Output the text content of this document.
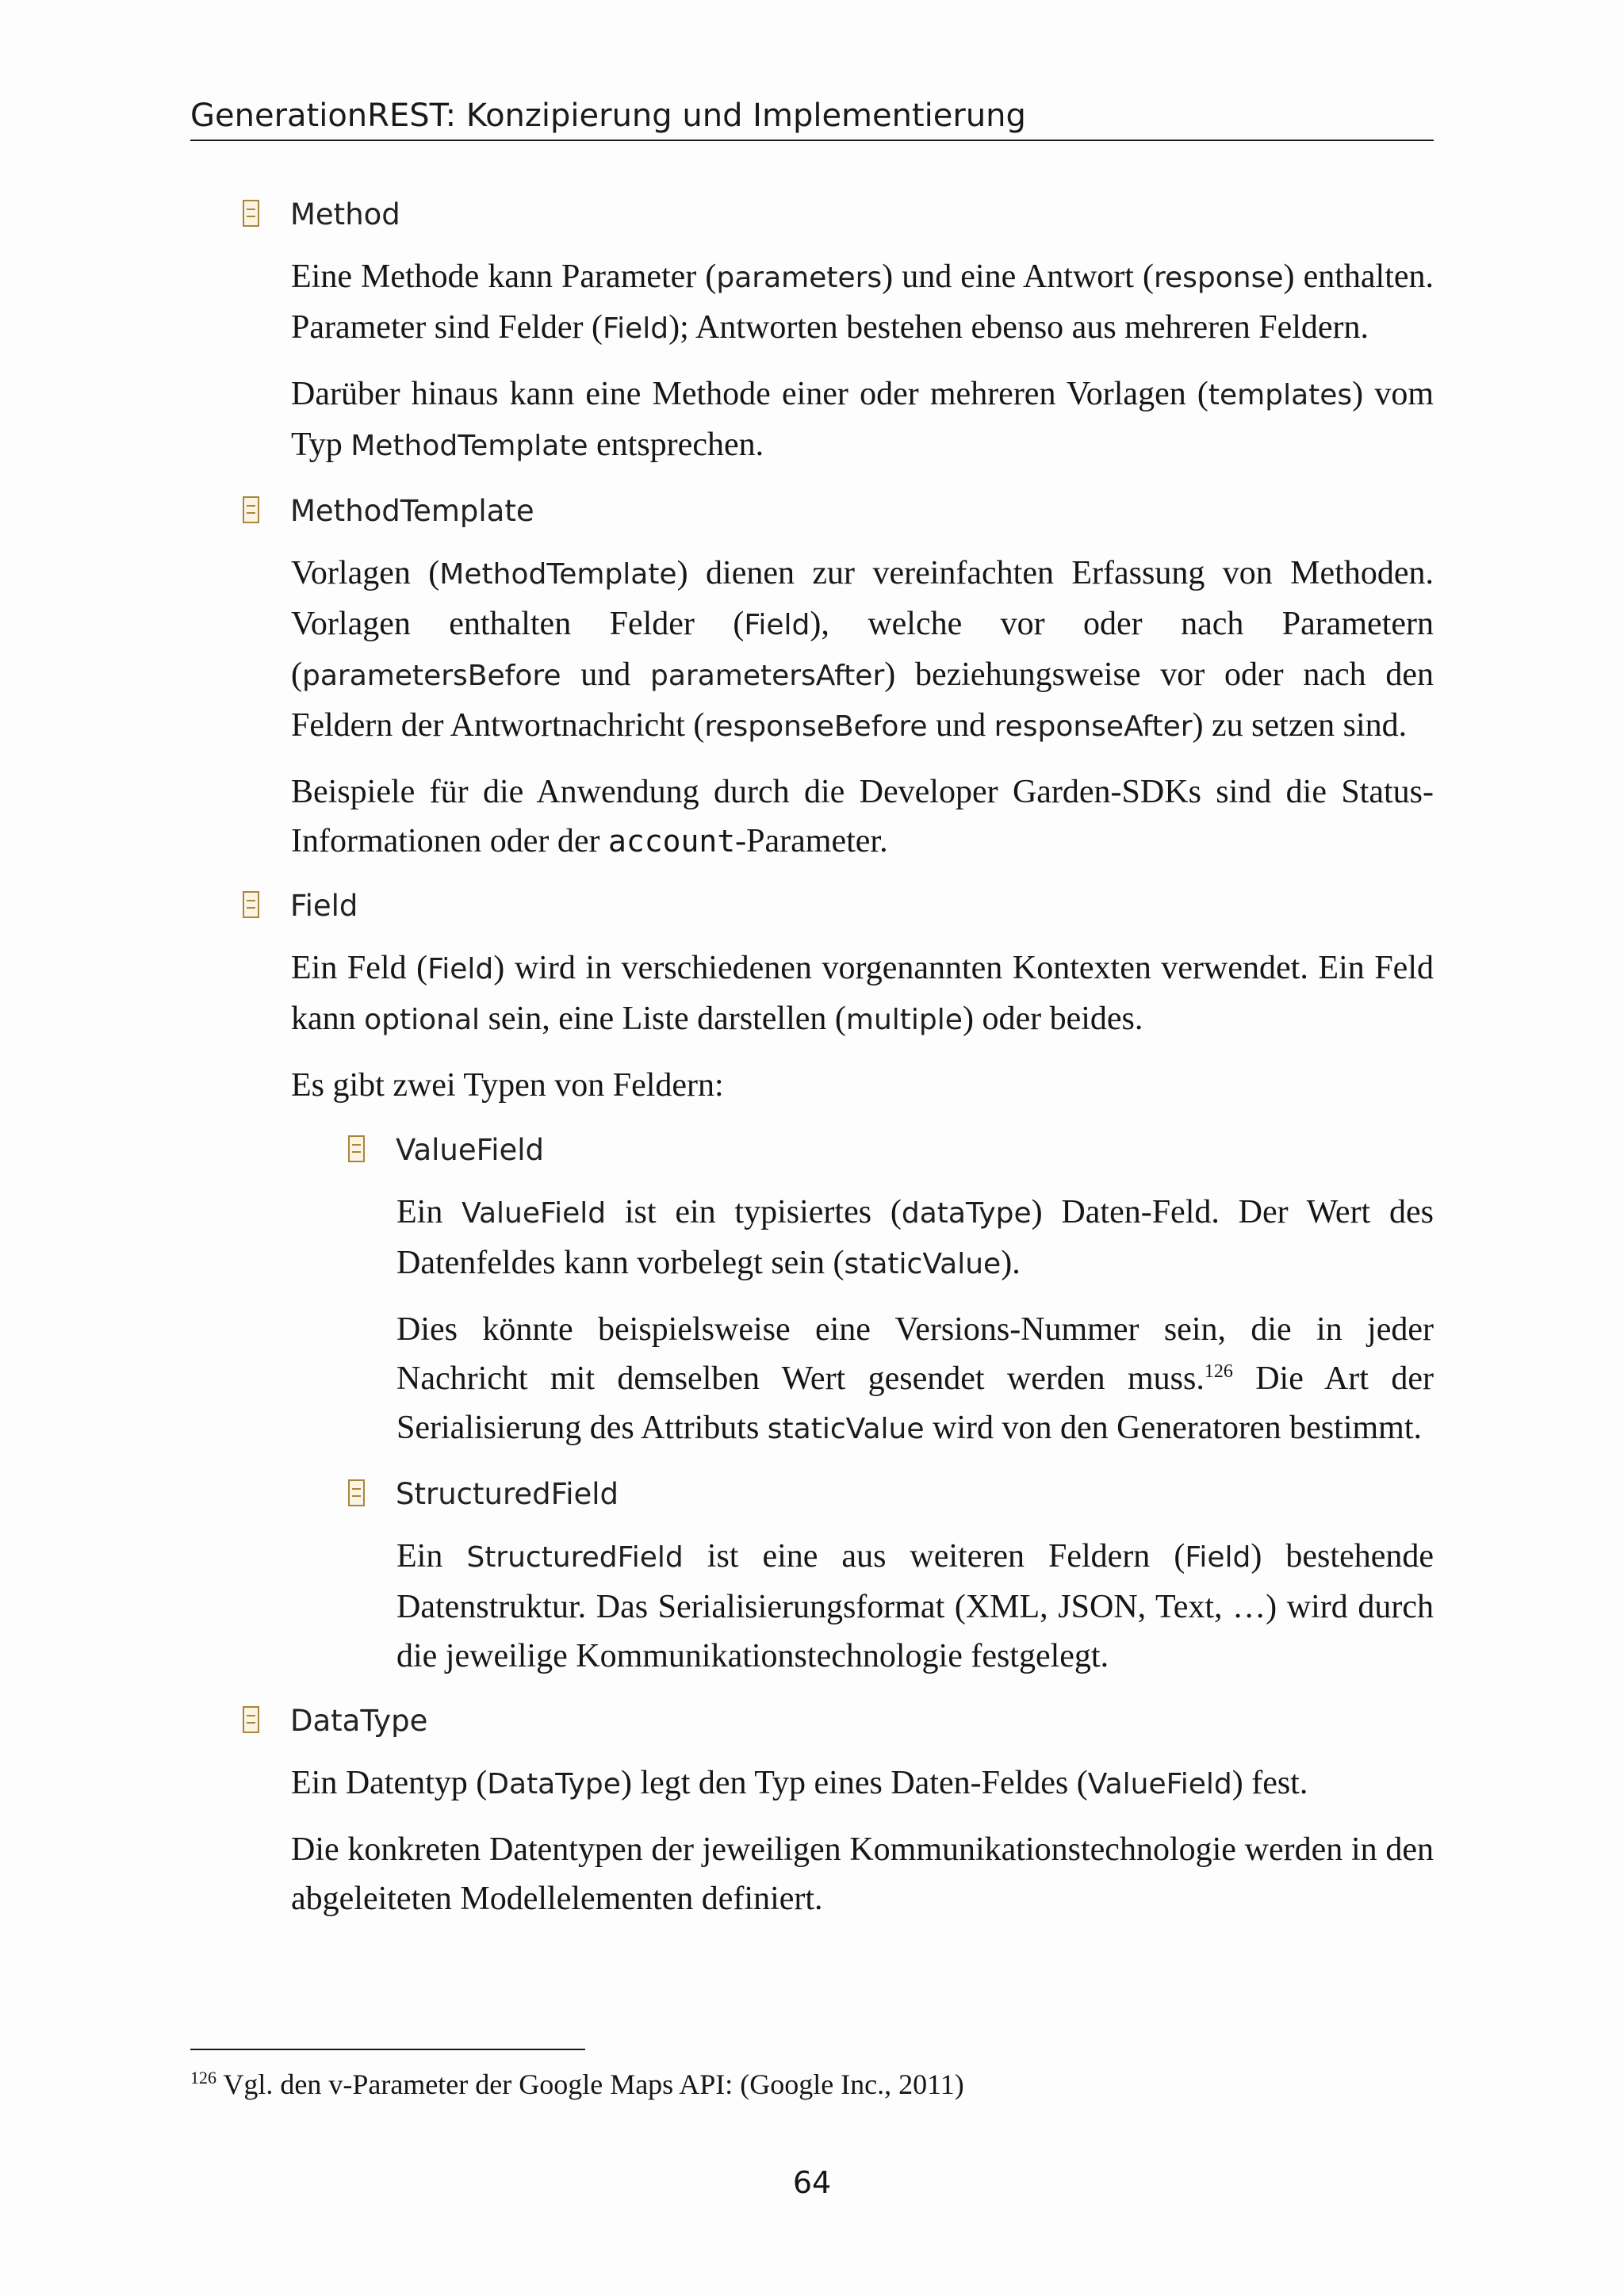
GenerationREST: Konzipierung und Implementierung
Method

Eine Methode kann Parameter (parameters) und eine Antwort (response) enthalten. Parameter sind Felder (Field); Antworten bestehen ebenso aus mehreren Feldern.

Darüber hinaus kann eine Methode einer oder mehreren Vorlagen (templates) vom Typ MethodTemplate entsprechen.

MethodTemplate

Vorlagen (MethodTemplate) dienen zur vereinfachten Erfassung von Methoden. Vorlagen enthalten Felder (Field), welche vor oder nach Parametern (parametersBefore und parametersAfter) beziehungsweise vor oder nach den Feldern der Antwortnachricht (responseBefore und responseAfter) zu setzen sind.

Beispiele für die Anwendung durch die Developer Garden-SDKs sind die Status-Informationen oder der account-Parameter.

Field

Ein Feld (Field) wird in verschiedenen vorgenannten Kontexten verwendet. Ein Feld kann optional sein, eine Liste darstellen (multiple) oder beides.

Es gibt zwei Typen von Feldern:

ValueField

Ein ValueField ist ein typisiertes (dataType) Daten-Feld. Der Wert des Datenfeldes kann vorbelegt sein (staticValue).

Dies könnte beispielsweise eine Versions-Nummer sein, die in jeder Nachricht mit demselben Wert gesendet werden muss.$^{126}$ Die Art der Serialisierung des Attributs staticValue wird von den Generatoren bestimmt.

StructuredField

Ein StructuredField ist eine aus weiteren Feldern (Field) bestehende Datenstruktur. Das Serialisierungsformat (XML, JSON, Text, …) wird durch die jeweilige Kommunikationstechnologie festgelegt.

DataType

Ein Datentyp (DataType) legt den Typ eines Daten-Feldes (ValueField) fest.

Die konkreten Datentypen der jeweiligen Kommunikationstechnologie werden in den abgeleiteten Modellelementen definiert.

$^{126}$ Vgl. den v-Parameter der Google Maps API: (Google Inc., 2011)
64
